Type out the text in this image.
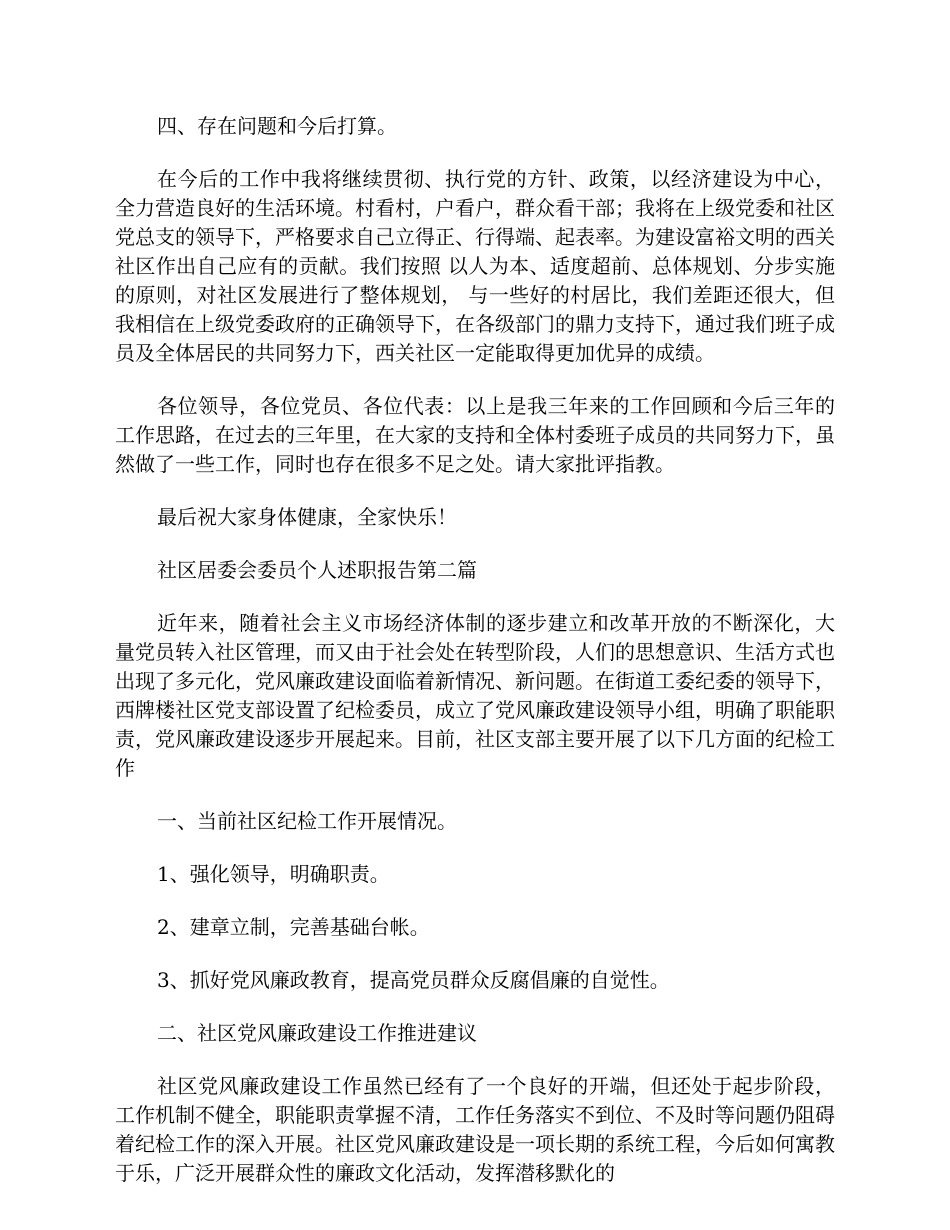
四、存在问题和今后打算。

在今后的工作中我将继续贯彻、执行党的方针、政策，以经济建设为中心，全力营造良好的生活环境。村看村，户看户，群众看干部；我将在上级党委和社区党总支的领导下，严格要求自己立得正、行得端、起表率。为建设富裕文明的西关社区作出自己应有的贡献。我们按照 以人为本、适度超前、总体规划、分步实施 的原则，对社区发展进行了整体规划， 与一些好的村居比，我们差距还很大，但我相信在上级党委政府的正确领导下，在各级部门的鼎力支持下，通过我们班子成员及全体居民的共同努力下，西关社区一定能取得更加优异的成绩。

各位领导，各位党员、各位代表：以上是我三年来的工作回顾和今后三年的工作思路，在过去的三年里，在大家的支持和全体村委班子成员的共同努力下，虽然做了一些工作，同时也存在很多不足之处。请大家批评指教。

最后祝大家身体健康，全家快乐！

社区居委会委员个人述职报告第二篇

近年来，随着社会主义市场经济体制的逐步建立和改革开放的不断深化，大量党员转入社区管理，而又由于社会处在转型阶段，人们的思想意识、生活方式也出现了多元化，党风廉政建设面临着新情况、新问题。在街道工委纪委的领导下，西牌楼社区党支部设置了纪检委员，成立了党风廉政建设领导小组，明确了职能职责，党风廉政建设逐步开展起来。目前，社区支部主要开展了以下几方面的纪检工作

一、当前社区纪检工作开展情况。

1、强化领导，明确职责。

2、建章立制，完善基础台帐。

3、抓好党风廉政教育，提高党员群众反腐倡廉的自觉性。

二、社区党风廉政建设工作推进建议

社区党风廉政建设工作虽然已经有了一个良好的开端，但还处于起步阶段，工作机制不健全，职能职责掌握不清，工作任务落实不到位、不及时等问题仍阻碍着纪检工作的深入开展。社区党风廉政建设是一项长期的系统工程，今后如何寓教于乐，广泛开展群众性的廉政文化活动，发挥潜移默化的
